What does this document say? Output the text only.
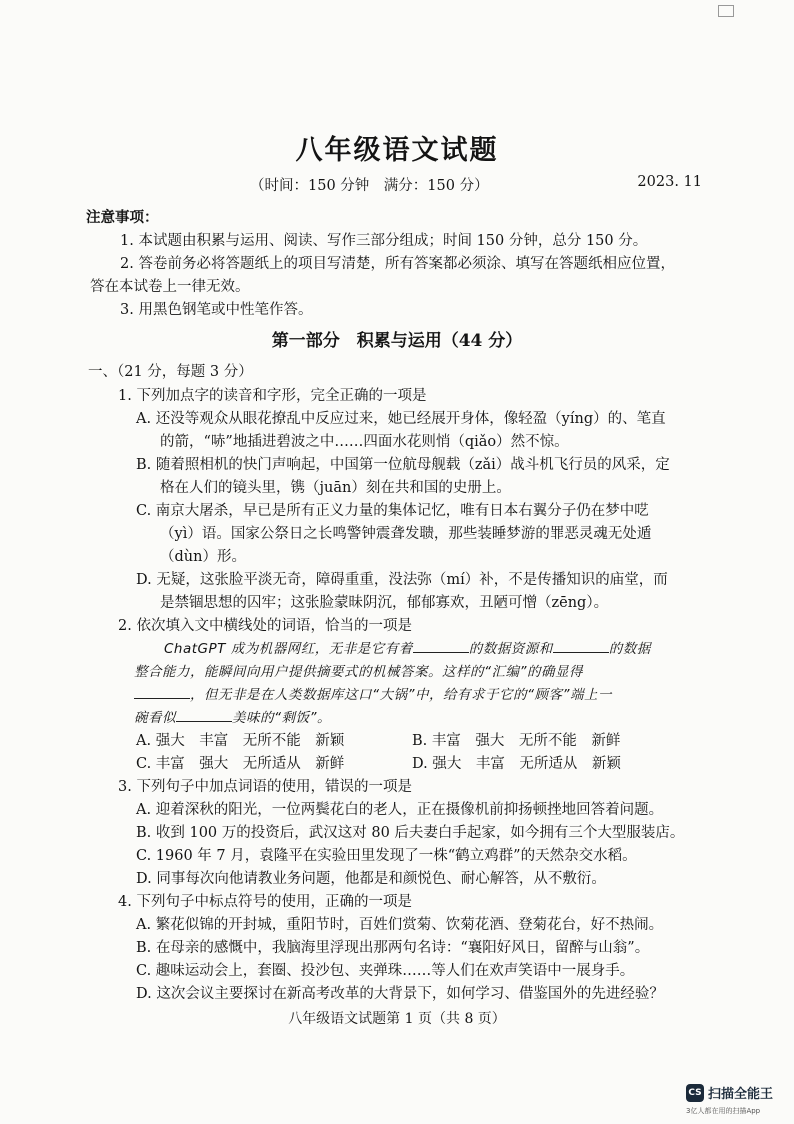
八年级语文试题
（时间：150 分钟　满分：150 分）	2023. 11
注意事项：
1. 本试题由积累与运用、阅读、写作三部分组成；时间 150 分钟，总分 150 分。
2. 答卷前务必将答题纸上的项目写清楚，所有答案都必须涂、填写在答题纸相应位置，
答在本试卷上一律无效。
3. 用黑色钢笔或中性笔作答。
第一部分　积累与运用（44 分）
一、（21 分，每题 3 分）
1. 下列加点字的读音和字形，完全正确的一项是
A. 还没等观众从眼花撩乱中反应过来，她已经展开身体，像轻盈（yíng）的、笔直
的箭，“哧”地插进碧波之中……四面水花则悄（qiǎo）然不惊。
B. 随着照相机的快门声响起，中国第一位航母舰载（zǎi）战斗机飞行员的风采，定
格在人们的镜头里，镌（juān）刻在共和国的史册上。
C. 南京大屠杀，早已是所有正义力量的集体记忆，唯有日本右翼分子仍在梦中呓
（yì）语。国家公祭日之长鸣警钟震聋发聩，那些装睡梦游的罪恶灵魂无处遁
（dùn）形。
D. 无疑，这张脸平淡无奇，障碍重重，没法弥（mí）补，不是传播知识的庙堂，而
是禁锢思想的囚牢；这张脸蒙昧阴沉，郁郁寡欢，丑陋可憎（zēng）。
2. 依次填入文中横线处的词语，恰当的一项是
ChatGPT 成为机器网红，无非是它有着	的数据资源和	的数据
整合能力，能瞬间向用户提供摘要式的机械答案。这样的“汇编”的确显得
，但无非是在人类数据库这口“大锅”中，给有求于它的“顾客”端上一
碗看似	美味的“剩饭”。
A. 强大　丰富　无所不能　新颖	B. 丰富　强大　无所不能　新鲜
C. 丰富　强大　无所适从　新鲜	D. 强大　丰富　无所适从　新颖
3. 下列句子中加点词语的使用，错误的一项是
A. 迎着深秋的阳光，一位两鬓花白的老人，正在摄像机前抑扬顿挫地回答着问题。
B. 收到 100 万的投资后，武汉这对 80 后夫妻白手起家，如今拥有三个大型服装店。
C. 1960 年 7 月，袁隆平在实验田里发现了一株“鹤立鸡群”的天然杂交水稻。
D. 同事每次向他请教业务问题，他都是和颜悦色、耐心解答，从不敷衍。
4. 下列句子中标点符号的使用，正确的一项是
A. 繁花似锦的开封城，重阳节时，百姓们赏菊、饮菊花酒、登菊花台，好不热闹。
B. 在母亲的感慨中，我脑海里浮现出那两句名诗：“襄阳好风日，留醉与山翁”。
C. 趣味运动会上，套圈、投沙包、夹弹珠……等人们在欢声笑语中一展身手。
D. 这次会议主要探讨在新高考改革的大背景下，如何学习、借鉴国外的先进经验？
八年级语文试题第 1 页（共 8 页）
CS 扫描全能王
3亿人都在用的扫描App
